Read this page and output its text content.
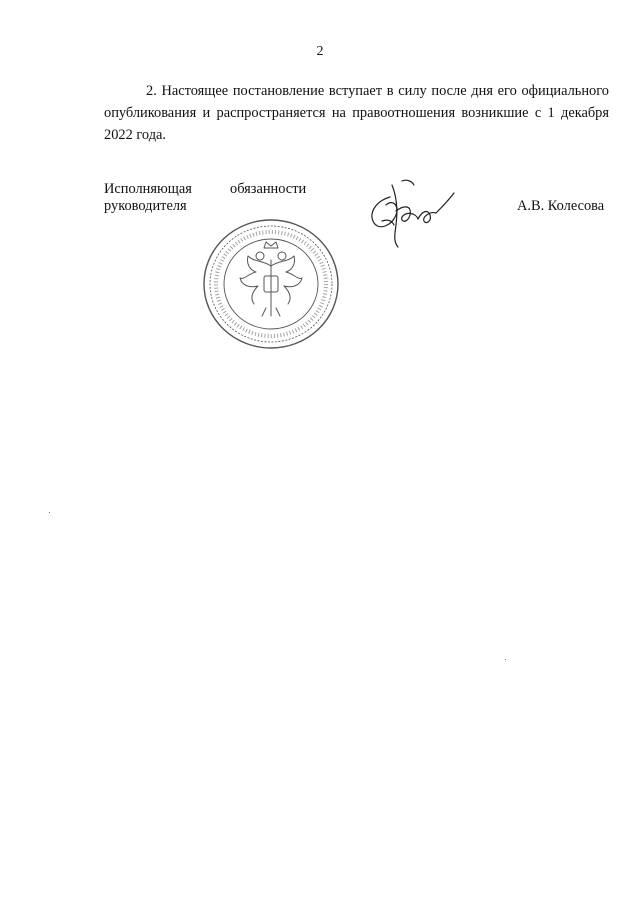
2

2. Настоящее постановление вступает в силу после дня его официального опубликования и распространяется на правоотношения возникшие с 1 декабря 2022 года.

Исполняющая	обязанности
руководителя	А.В. Колесова
